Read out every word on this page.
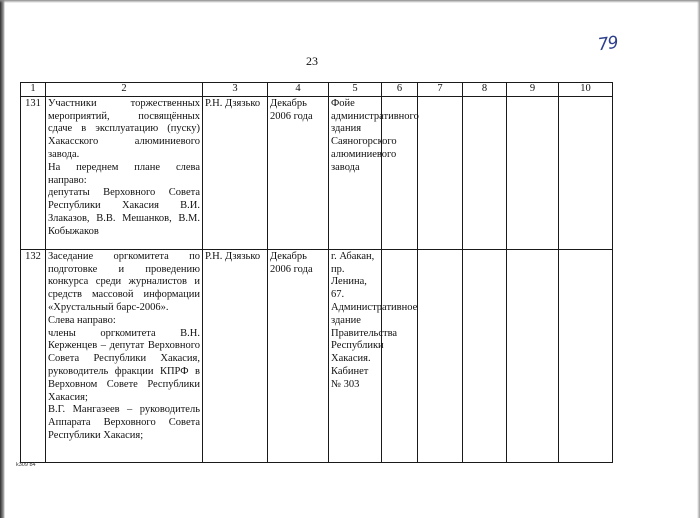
79
23
1	2	3	4	5	6	7	8	9	10
131	Участники торжественных мероприятий, посвящённых сдаче в эксплуатацию (пуску) Хакасского алюминиевого завода.
На переднем плане слева направо:
депутаты Верховного Совета Республики Хакасия В.И. Злаказов, В.В. Мешанков, В.М. Кобыжаков	Р.Н. Дзязько	Декабрь 2006 года	Фойе административного здания Саяногорского алюминиевого завода					
132	Заседание оргкомитета по подготовке и проведению конкурса среди журналистов и средств массовой информации «Хрустальный барс-2006».
Слева направо:
члены оргкомитета В.Н. Керженцев – депутат Верховного Совета Республики Хакасия, руководитель фракции КПРФ в Верховном Совете Республики Хакасия;
В.Г. Мангазеев – руководитель Аппарата Верховного Совета Республики Хакасия;	Р.Н. Дзязько	Декабрь 2006 года	г. Абакан, пр. Ленина, 67. Административное здание Правительства Республики Хакасия. Кабинет № 303					
k309 b4
